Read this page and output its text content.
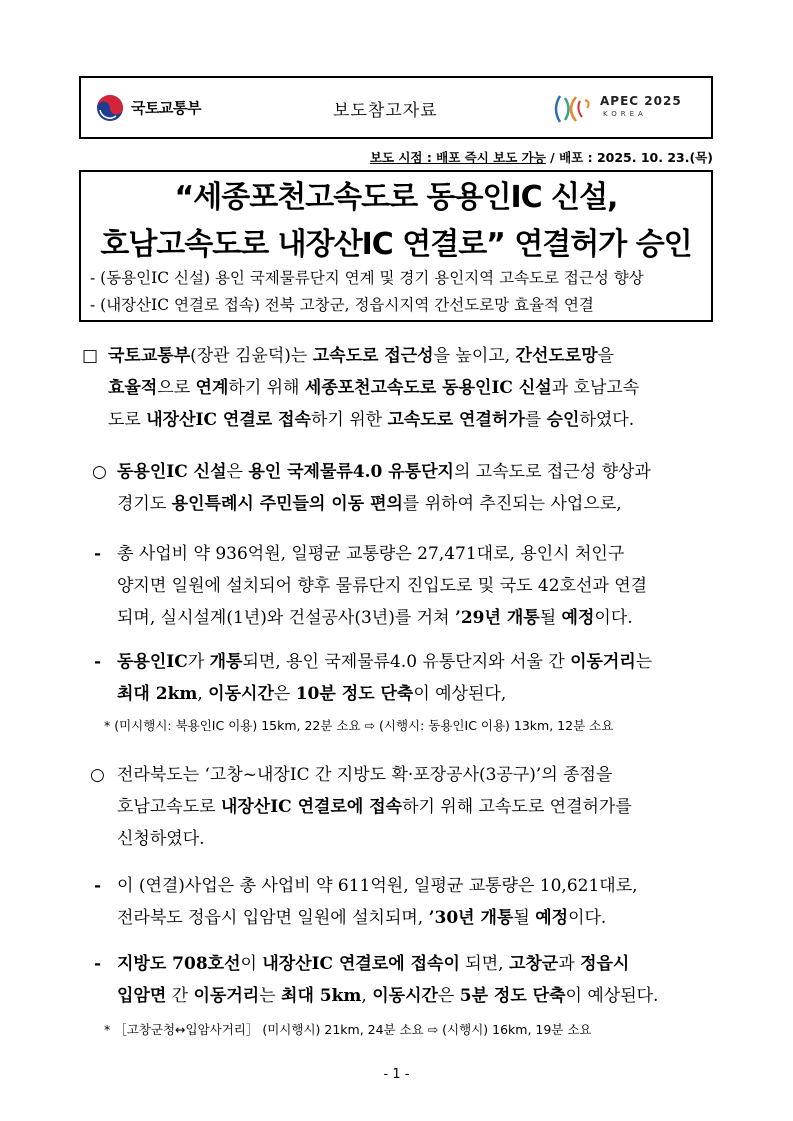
국토교통부	보도참고자료	APEC 2025
KOREA
보도 시점 : 배포 즉시 보도 가능 / 배포 : 2025. 10. 23.(목)
“세종포천고속도로 동용인IC 신설,
호남고속도로 내장산IC 연결로” 연결허가 승인
- (동용인IC 신설) 용인 국제물류단지 연계 및 경기 용인지역 고속도로 접근성 향상
- (내장산IC 연결로 접속) 전북 고창군, 정읍시지역 간선도로망 효율적 연결
□ 국토교통부(장관 김윤덕)는 고속도로 접근성을 높이고, 간선도로망을
효율적으로 연계하기 위해 세종포천고속도로 동용인IC 신설과 호남고속
도로 내장산IC 연결로 접속하기 위한 고속도로 연결허가를 승인하였다.
○ 동용인IC 신설은 용인 국제물류4.0 유통단지의 고속도로 접근성 향상과
경기도 용인특례시 주민들의 이동 편의를 위하여 추진되는 사업으로,
- 총 사업비 약 936억원, 일평균 교통량은 27,471대로, 용인시 처인구
양지면 일원에 설치되어 향후 물류단지 진입도로 및 국도 42호선과 연결
되며, 실시설계(1년)와 건설공사(3년)를 거쳐 ’29년 개통될 예정이다.
- 동용인IC가 개통되면, 용인 국제물류4.0 유통단지와 서울 간 이동거리는
최대 2km, 이동시간은 10분 정도 단축이 예상된다,
* (미시행시: 북용인IC 이용) 15km, 22분 소요 ⇨ (시행시: 동용인IC 이용) 13km, 12분 소요
○ 전라북도는 ‘고창~내장IC 간 지방도 확·포장공사(3공구)’의 종점을
호남고속도로 내장산IC 연결로에 접속하기 위해 고속도로 연결허가를
신청하였다.
- 이 (연결)사업은 총 사업비 약 611억원, 일평균 교통량은 10,621대로,
전라북도 정읍시 입암면 일원에 설치되며, ’30년 개통될 예정이다.
- 지방도 708호선이 내장산IC 연결로에 접속이 되면, 고창군과 정읍시
입암면 간 이동거리는 최대 5km, 이동시간은 5분 정도 단축이 예상된다.
* ［고창군청↔입암사거리］ (미시행시) 21km, 24분 소요 ⇨ (시행시) 16km, 19분 소요
- 1 -
